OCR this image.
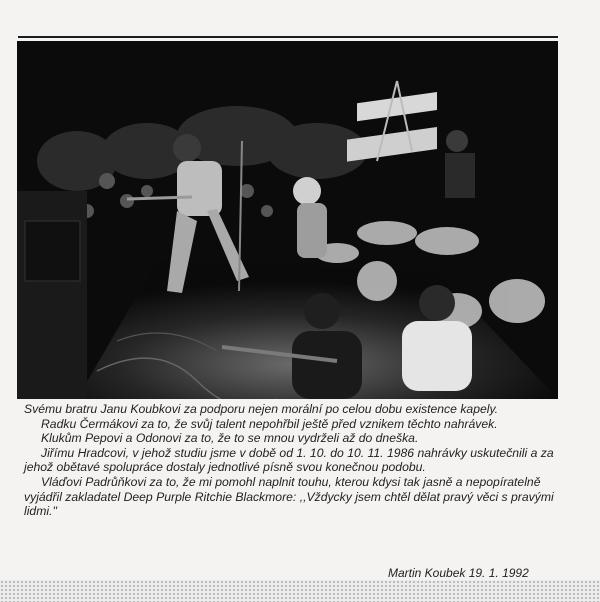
Svému bratru Janu Koubkovi za podporu nejen morální po celou dobu existence kapely.

Radku Čermákovi za to, že svůj talent nepohřbil ještě před vznikem těchto nahrávek.

Klukům Pepovi a Odonovi za to, že to se mnou vydrželi až do dneška.

Jiřímu Hradcovi, v jehož studiu jsme v době od 1. 10. do 10. 11. 1986 nahrávky uskutečnili a za jehož obětavé spolupráce dostaly jednotlivé písně svou konečnou podobu.

Vláďovi Padrůňkovi za to, že mi pomohl naplnit touhu, kterou kdysi tak jasně a nepopíratelně vyjádřil zakladatel Deep Purple Ritchie Blackmore: ,,Vždycky jsem chtěl dělat pravý věci s pravými lidmi.''

Martin Koubek 19. 1. 1992
